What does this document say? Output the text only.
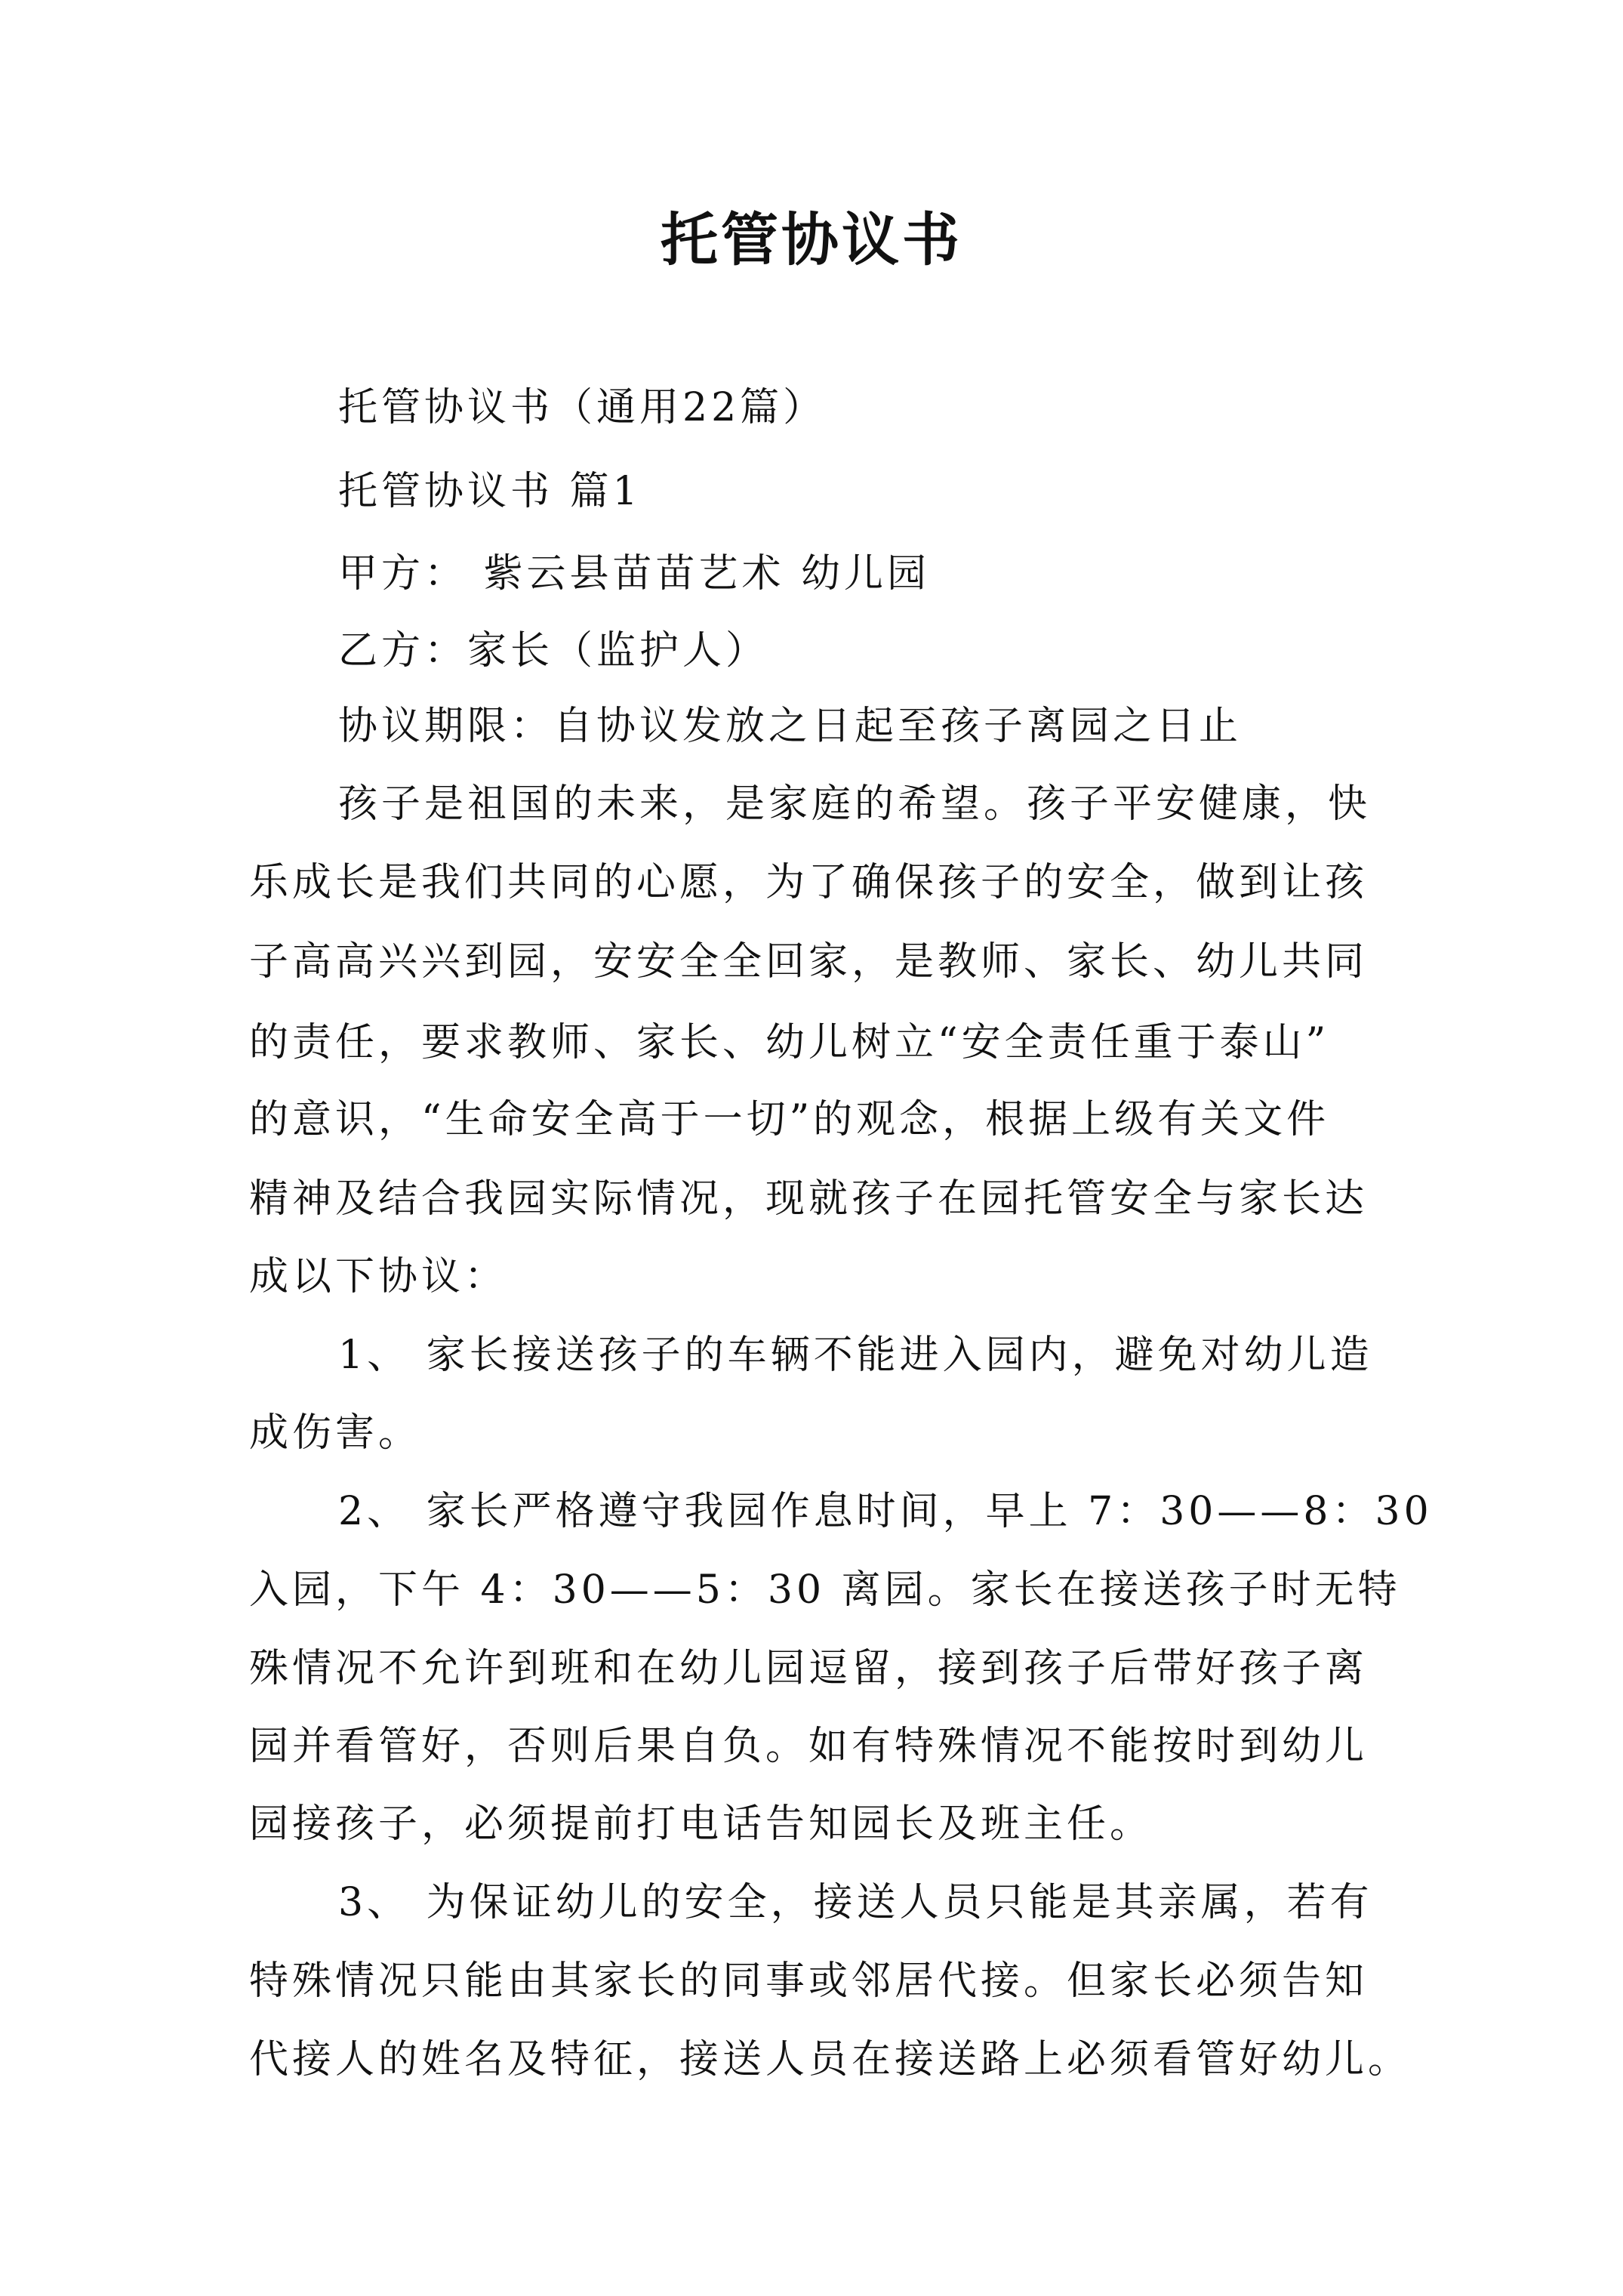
托管协议书
托管协议书（通用22篇）
托管协议书 篇1
甲方： 紫云县苗苗艺术 幼儿园
乙方：家长（监护人）
协议期限：自协议发放之日起至孩子离园之日止
孩子是祖国的未来，是家庭的希望。孩子平安健康，快
乐成长是我们共同的心愿，为了确保孩子的安全，做到让孩
子高高兴兴到园，安安全全回家，是教师、家长、幼儿共同
的责任，要求教师、家长、幼儿树立“安全责任重于泰山”
的意识，“生命安全高于一切”的观念，根据上级有关文件
精神及结合我园实际情况，现就孩子在园托管安全与家长达
成以下协议：
1、 家长接送孩子的车辆不能进入园内，避免对幼儿造
成伤害。
2、 家长严格遵守我园作息时间，早上 7：30——8：30
入园，下午 4：30——5：30 离园。家长在接送孩子时无特
殊情况不允许到班和在幼儿园逗留，接到孩子后带好孩子离
园并看管好，否则后果自负。如有特殊情况不能按时到幼儿
园接孩子，必须提前打电话告知园长及班主任。
3、 为保证幼儿的安全，接送人员只能是其亲属，若有
特殊情况只能由其家长的同事或邻居代接。但家长必须告知
代接人的姓名及特征，接送人员在接送路上必须看管好幼儿。
